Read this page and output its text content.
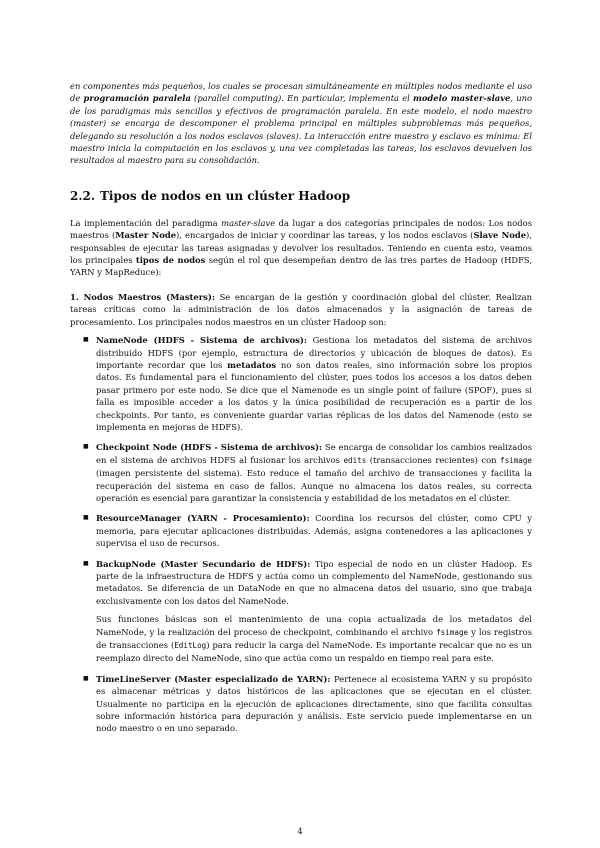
en componentes más pequeños, los cuales se procesan simultáneamente en múltiples nodos mediante el uso de programación paralela (parallel computing). En particular, implementa el modelo master-slave, uno de los paradigmas más sencillos y efectivos de programación paralela. En este modelo, el nodo maestro (master) se encarga de descomponer el problema principal en múltiples subproblemas más pequeños, delegando su resolución a los nodos esclavos (slaves). La interacción entre maestro y esclavo es mínima: El maestro inicia la computación en los esclavos y, una vez completadas las tareas, los esclavos devuelven los resultados al maestro para su consolidación.

2.2. Tipos de nodos en un clúster Hadoop

La implementación del paradigma master-slave da lugar a dos categorías principales de nodos: Los nodos maestros (Master Node), encargados de iniciar y coordinar las tareas, y los nodos esclavos (Slave Node), responsables de ejecutar las tareas asignadas y devolver los resultados. Teniendo en cuenta esto, veamos los principales tipos de nodos según el rol que desempeñan dentro de las tres partes de Hadoop (HDFS, YARN y MapReduce):

1. Nodos Maestros (Masters): Se encargan de la gestión y coordinación global del clúster. Realizan tareas críticas como la administración de los datos almacenados y la asignación de tareas de procesamiento. Los principales nodos maestros en un clúster Hadoop son:

■ NameNode (HDFS - Sistema de archivos): Gestiona los metadatos del sistema de archivos distribuido HDFS (por ejemplo, estructura de directorios y ubicación de bloques de datos). Es importante recordar que los metadatos no son datos reales, sino información sobre los propios datos. Es fundamental para el funcionamiento del clúster, pues todos los accesos a los datos deben pasar primero por este nodo. Se dice que el Namenode es un single point of failure (SPOF), pues si falla es imposible acceder a los datos y la única posibilidad de recuperación es a partir de los checkpoints. Por tanto, es conveniente guardar varias réplicas de los datos del Namenode (esto se implementa en mejoras de HDFS).
■ Checkpoint Node (HDFS - Sistema de archivos): Se encarga de consolidar los cambios realizados en el sistema de archivos HDFS al fusionar los archivos edits (transacciones recientes) con fsimage (imagen persistente del sistema). Esto reduce el tamaño del archivo de transacciones y facilita la recuperación del sistema en caso de fallos. Aunque no almacena los datos reales, su correcta operación es esencial para garantizar la consistencia y estabilidad de los metadatos en el clúster.
■ ResourceManager (YARN - Procesamiento): Coordina los recursos del clúster, como CPU y memoria, para ejecutar aplicaciones distribuidas. Además, asigna contenedores a las aplicaciones y supervisa el uso de recursos.
■ BackupNode (Master Secundario de HDFS): Tipo especial de nodo en un clúster Hadoop. Es parte de la infraestructura de HDFS y actúa como un complemento del NameNode, gestionando sus metadatos. Se diferencia de un DataNode en que no almacena datos del usuario, sino que trabaja exclusivamente con los datos del NameNode.

Sus funciones básicas son el mantenimiento de una copia actualizada de los metadatos del NameNode, y la realización del proceso de checkpoint, combinando el archivo fsimage y los registros de transacciones (EditLog) para reducir la carga del NameNode. Es importante recalcar que no es un reemplazo directo del NameNode, sino que actúa como un respaldo en tiempo real para este.

■ TimeLineServer (Master especializado de YARN): Pertenece al ecosistema YARN y su propósito es almacenar métricas y datos históricos de las aplicaciones que se ejecutan en el clúster. Usualmente no participa en la ejecución de aplicaciones directamente, sino que facilita consultas sobre información histórica para depuración y análisis. Este servicio puede implementarse en un nodo maestro o en uno separado.
4
